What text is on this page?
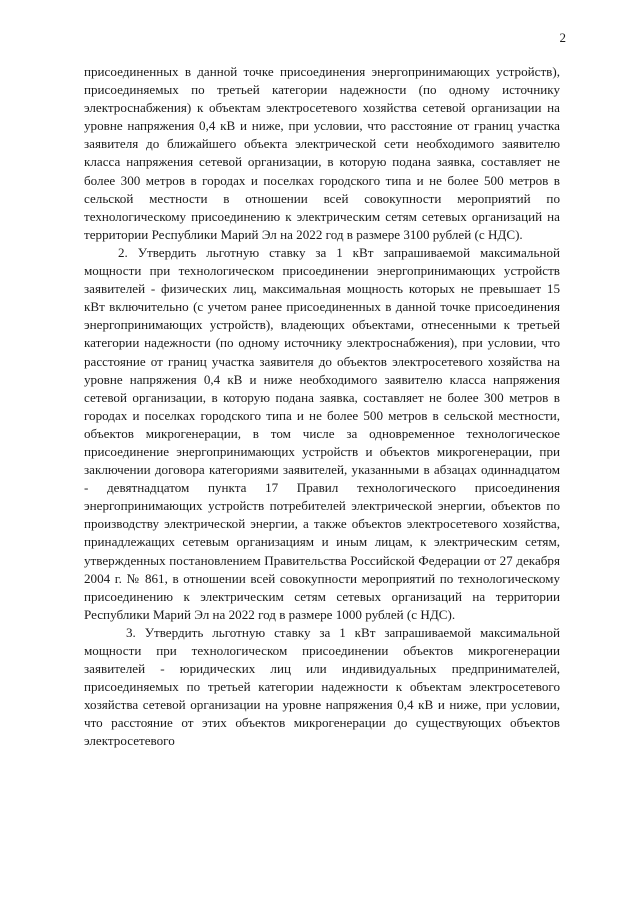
2

присоединенных в данной точке присоединения энергопринимающих устройств), присоединяемых по третьей категории надежности (по одному источнику электроснабжения) к объектам электросетевого хозяйства сетевой организации на уровне напряжения 0,4 кВ и ниже, при условии, что расстояние от границ участка заявителя до ближайшего объекта электрической сети необходимого заявителю класса напряжения сетевой организации, в которую подана заявка, составляет не более 300 метров в городах и поселках городского типа и не более 500 метров в сельской местности в отношении всей совокупности мероприятий по технологическому присоединению к электрическим сетям сетевых организаций на территории Республики Марий Эл на 2022 год в размере 3100 рублей (с НДС).

2. Утвердить льготную ставку за 1 кВт запрашиваемой максимальной мощности при технологическом присоединении энергопринимающих устройств заявителей - физических лиц, максимальная мощность которых не превышает 15 кВт включительно (с учетом ранее присоединенных в данной точке присоединения энергопринимающих устройств), владеющих объектами, отнесенными к третьей категории надежности (по одному источнику электроснабжения), при условии, что расстояние от границ участка заявителя до объектов электросетевого хозяйства на уровне напряжения 0,4 кВ и ниже необходимого заявителю класса напряжения сетевой организации, в которую подана заявка, составляет не более 300 метров в городах и поселках городского типа и не более 500 метров в сельской местности, объектов микрогенерации, в том числе за одновременное технологическое присоединение энергопринимающих устройств и объектов микрогенерации, при заключении договора категориями заявителей, указанными в абзацах одиннадцатом - девятнадцатом пункта 17 Правил технологического присоединения энергопринимающих устройств потребителей электрической энергии, объектов по производству электрической энергии, а также объектов электросетевого хозяйства, принадлежащих сетевым организациям и иным лицам, к электрическим сетям, утвержденных постановлением Правительства Российской Федерации от 27 декабря 2004 г. № 861, в отношении всей совокупности мероприятий по технологическому присоединению к электрическим сетям сетевых организаций на территории Республики Марий Эл на 2022 год в размере 1000 рублей (с НДС).

3. Утвердить льготную ставку за 1 кВт запрашиваемой максимальной мощности при технологическом присоединении объектов микрогенерации заявителей - юридических лиц или индивидуальных предпринимателей, присоединяемых по третьей категории надежности к объектам электросетевого хозяйства сетевой организации на уровне напряжения 0,4 кВ и ниже, при условии, что расстояние от этих объектов микрогенерации до существующих объектов электросетевого
